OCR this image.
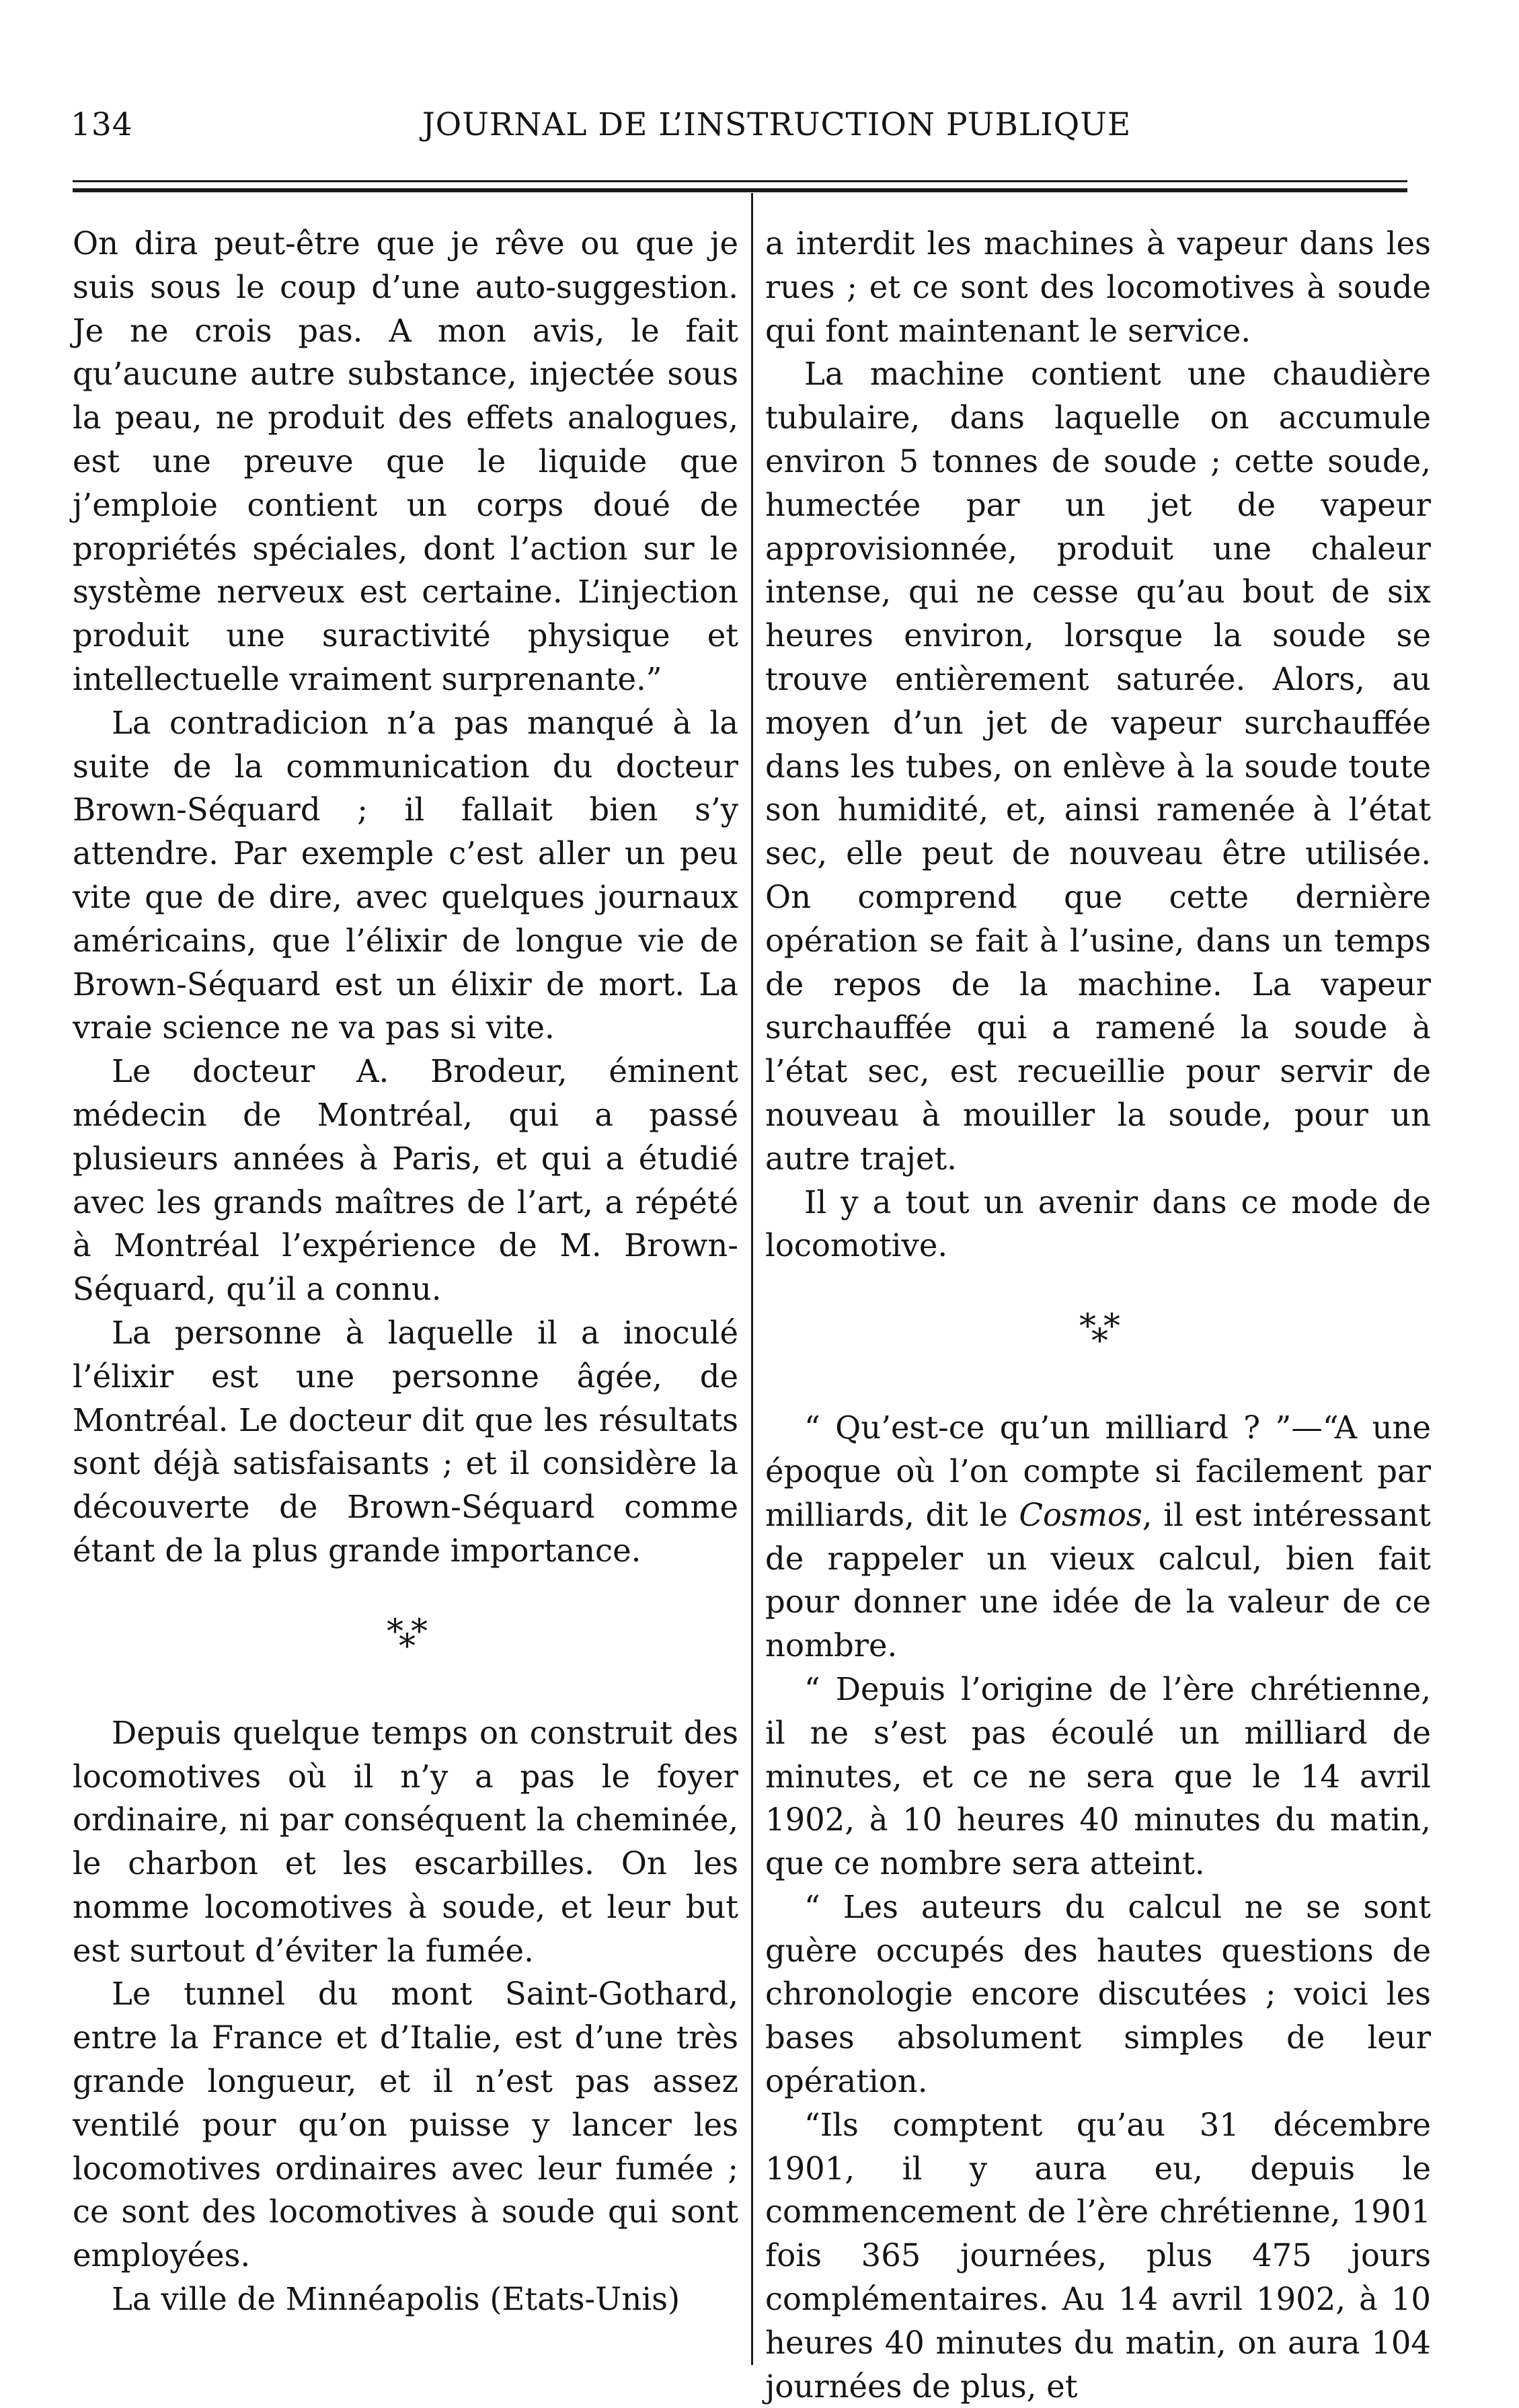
134	JOURNAL DE L’INSTRUCTION PUBLIQUE

On dira peut-être que je rêve ou que je suis sous le coup d’une auto-suggestion. Je ne crois pas. A mon avis, le fait qu’aucune autre substance, injectée sous la peau, ne produit des effets analogues, est une preuve que le liquide que j’emploie contient un corps doué de propriétés spéciales, dont l’action sur le système nerveux est certaine. L’injection produit une suractivité physique et intellectuelle vraiment surprenante.”

La contradicion n’a pas manqué à la suite de la communication du docteur Brown-Séquard ; il fallait bien s’y attendre. Par exemple c’est aller un peu vite que de dire, avec quelques journaux américains, que l’élixir de longue vie de Brown-Séquard est un élixir de mort. La vraie science ne va pas si vite.

Le docteur A. Brodeur, éminent médecin de Montréal, qui a passé plusieurs années à Paris, et qui a étudié avec les grands maîtres de l’art, a répété à Montréal l’expérience de M. Brown-Séquard, qu’il a connu.

La personne à laquelle il a inoculé l’élixir est une personne âgée, de Montréal. Le docteur dit que les résultats sont déjà satisfaisants ; et il considère la découverte de Brown-Séquard comme étant de la plus grande importance.

* *
*

Depuis quelque temps on construit des locomotives où il n’y a pas le foyer ordinaire, ni par conséquent la cheminée, le charbon et les escarbilles. On les nomme locomotives à soude, et leur but est surtout d’éviter la fumée.

Le tunnel du mont Saint-Gothard, entre la France et d’Italie, est d’une très grande longueur, et il n’est pas assez ventilé pour qu’on puisse y lancer les locomotives ordinaires avec leur fumée ; ce sont des locomotives à soude qui sont employées.

La ville de Minnéapolis (Etats-Unis)

a interdit les machines à vapeur dans les rues ; et ce sont des locomotives à soude qui font maintenant le service.

La machine contient une chaudière tubulaire, dans laquelle on accumule environ 5 tonnes de soude ; cette soude, humectée par un jet de vapeur approvisionnée, produit une chaleur intense, qui ne cesse qu’au bout de six heures environ, lorsque la soude se trouve entièrement saturée. Alors, au moyen d’un jet de vapeur surchauffée dans les tubes, on enlève à la soude toute son humidité, et, ainsi ramenée à l’état sec, elle peut de nouveau être utilisée. On comprend que cette dernière opération se fait à l’usine, dans un temps de repos de la machine. La vapeur surchauffée qui a ramené la soude à l’état sec, est recueillie pour servir de nouveau à mouiller la soude, pour un autre trajet.

Il y a tout un avenir dans ce mode de locomotive.

* *
*

“ Qu’est-ce qu’un milliard ? ”—“A une époque où l’on compte si facilement par milliards, dit le Cosmos, il est intéressant de rappeler un vieux calcul, bien fait pour donner une idée de la valeur de ce nombre.

“ Depuis l’origine de l’ère chrétienne, il ne s’est pas écoulé un milliard de minutes, et ce ne sera que le 14 avril 1902, à 10 heures 40 minutes du matin, que ce nombre sera atteint.

“ Les auteurs du calcul ne se sont guère occupés des hautes questions de chronologie encore discutées ; voici les bases absolument simples de leur opération.

“Ils comptent qu’au 31 décembre 1901, il y aura eu, depuis le commencement de l’ère chrétienne, 1901 fois 365 journées, plus 475 jours complémentaires. Au 14 avril 1902, à 10 heures 40 minutes du matin, on aura 104 journées de plus, et
